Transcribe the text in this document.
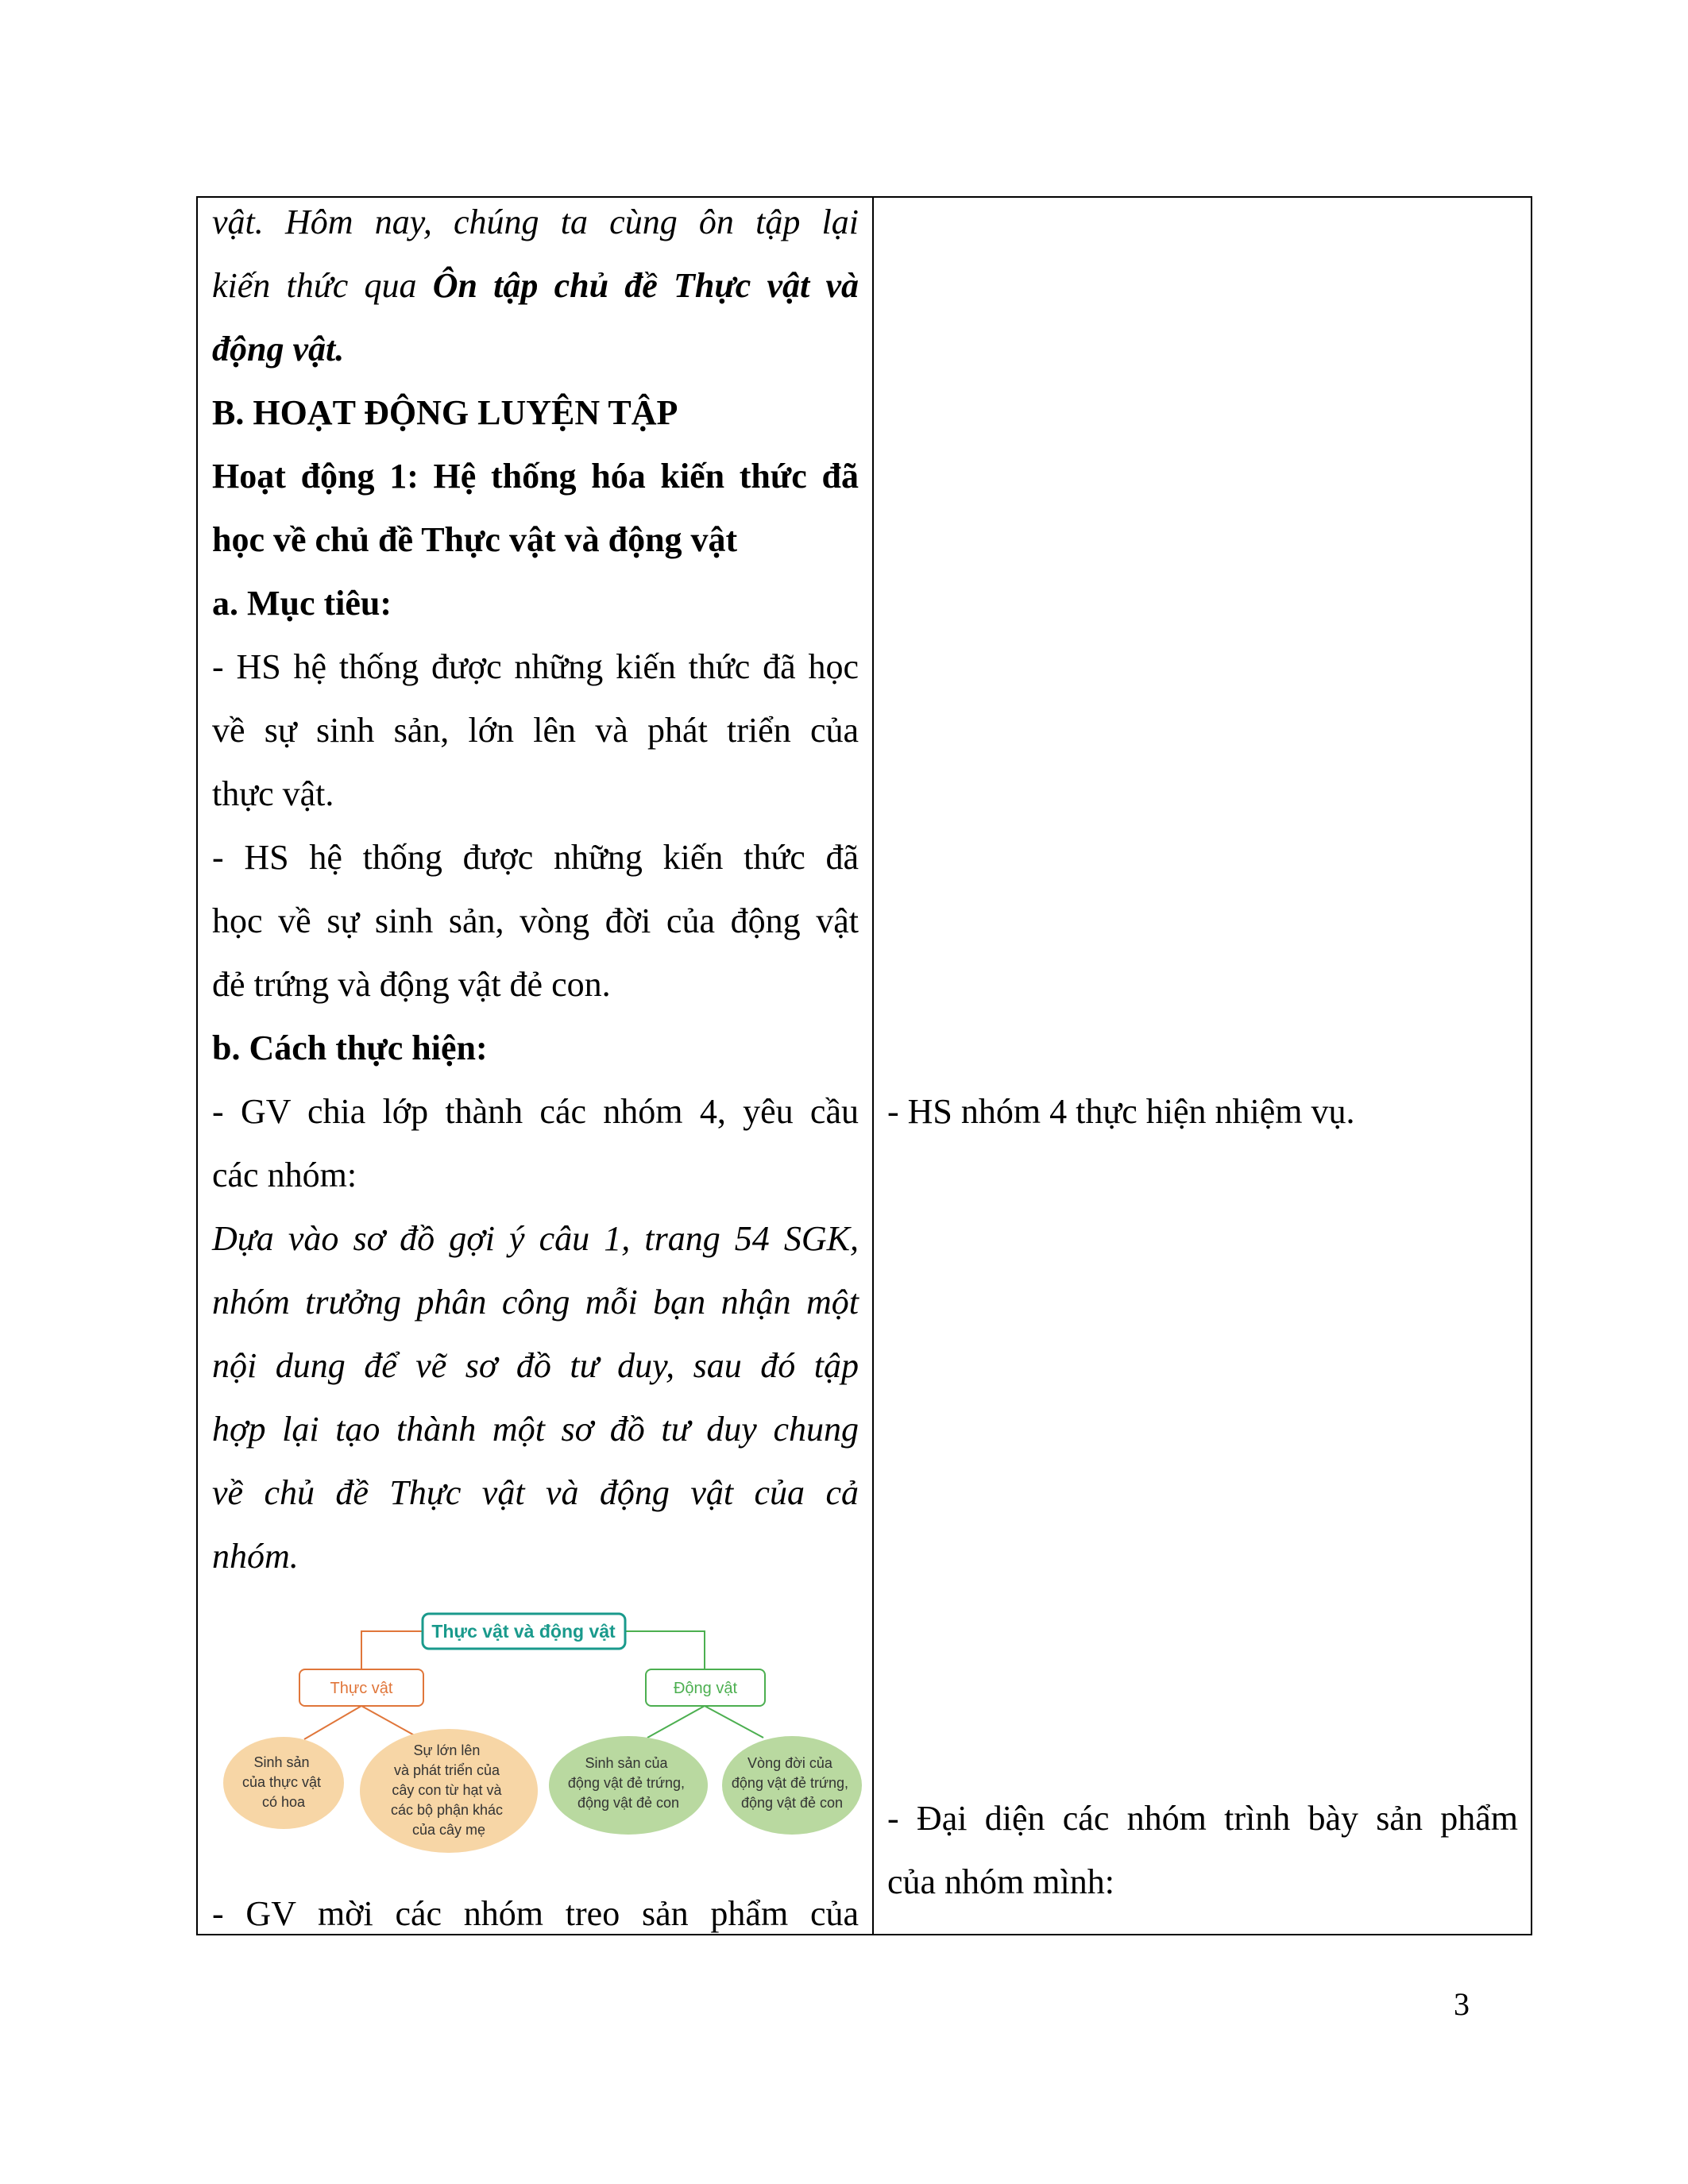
vật. Hôm nay, chúng ta cùng ôn tập lại

kiến thức qua Ôn tập chủ đề Thực vật và

động vật.

B. HOẠT ĐỘNG LUYỆN TẬP

Hoạt động 1: Hệ thống hóa kiến thức đã

học về chủ đề Thực vật và động vật

a. Mục tiêu:

- HS hệ thống được những kiến thức đã học

về sự sinh sản, lớn lên và phát triển của

thực vật.

- HS hệ thống được những kiến thức đã

học về sự sinh sản, vòng đời của động vật

đẻ trứng và động vật đẻ con.

b. Cách thực hiện:

- GV chia lớp thành các nhóm 4, yêu cầu

các nhóm:

Dựa vào sơ đồ gợi ý câu 1, trang 54 SGK,

nhóm trưởng phân công mỗi bạn nhận một

nội dung để vẽ sơ đồ tư duy, sau đó tập

hợp lại tạo thành một sơ đồ tư duy chung

về chủ đề Thực vật và động vật của cả

nhóm.

Thực vật và động vật
Thực vật	Động vật
Sinh sản của thực vật có hoa
Sự lớn lên và phát triển của cây con từ hạt và các bộ phận khác của cây mẹ
Sinh sản của động vật đẻ trứng, động vật đẻ con
Vòng đời của động vật đẻ trứng, động vật đẻ con

- GV mời các nhóm treo sản phẩm của

- HS nhóm 4 thực hiện nhiệm vụ.

- Đại diện các nhóm trình bày sản phẩm

của nhóm mình:

3
